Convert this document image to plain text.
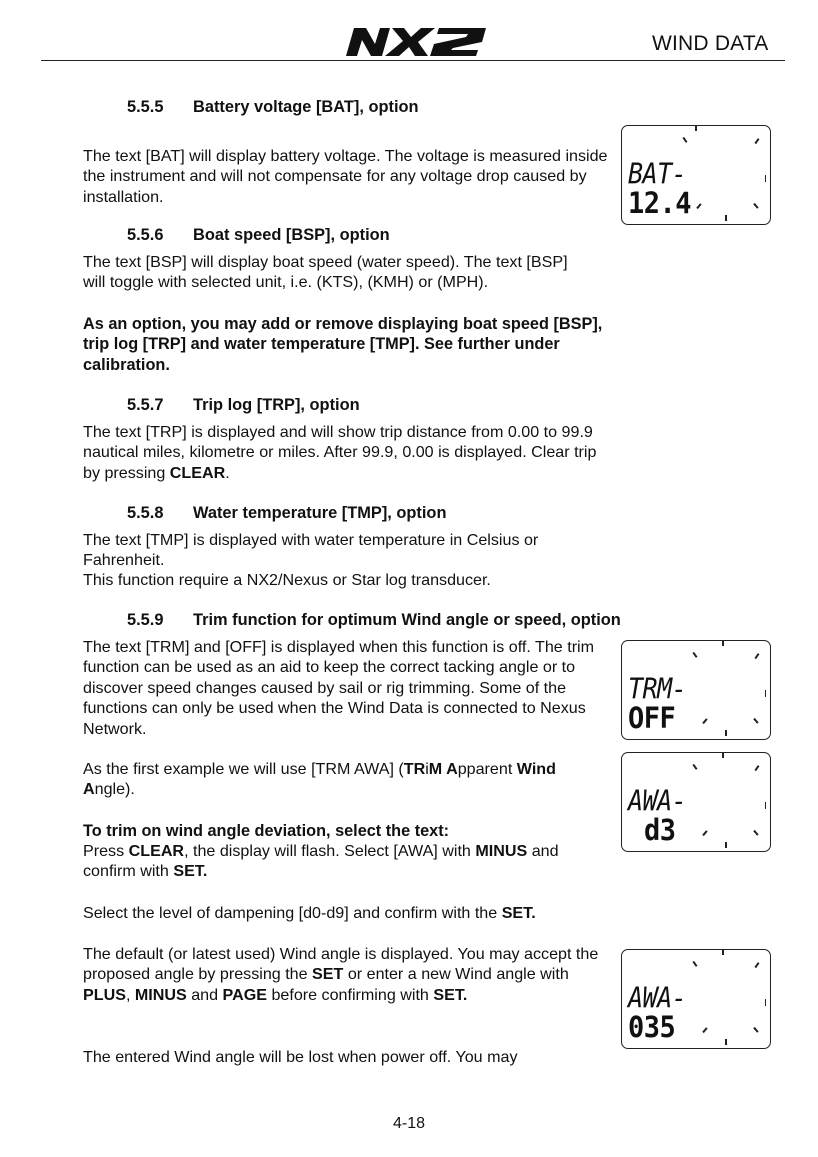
WIND DATA
5.5.5 Battery voltage [BAT], option
The text [BAT] will display battery voltage. The voltage is measured inside the instrument and will not compensate for any voltage drop caused by installation.
5.5.6 Boat speed [BSP], option
The text [BSP] will display boat speed (water speed). The text [BSP] will toggle with selected unit, i.e. (KTS), (KMH) or (MPH).
As an option, you may add or remove displaying boat speed [BSP], trip log [TRP] and water temperature [TMP]. See further under calibration.
5.5.7 Trip log [TRP], option
The text [TRP] is displayed and will show trip distance from 0.00 to 99.9 nautical miles, kilometre or miles. After 99.9, 0.00 is displayed. Clear trip by pressing CLEAR.
5.5.8 Water temperature [TMP], option
The text [TMP] is displayed with water temperature in Celsius or Fahrenheit.
This function require a NX2/Nexus or Star log transducer.
5.5.9 Trim function for optimum Wind angle or speed, option
The text [TRM] and [OFF] is displayed when this function is off. The trim function can be used as an aid to keep the correct tacking angle or to discover speed changes caused by sail or rig trimming. Some of the functions can only be used when the Wind Data is connected to Nexus Network.
As the first example we will use [TRM AWA] (TRiM Apparent Wind Angle).
To trim on wind angle deviation, select the text:
Press CLEAR, the display will flash. Select [AWA] with MINUS and confirm with SET.
Select the level of dampening [d0-d9] and confirm with the SET.
The default (or latest used) Wind angle is displayed. You may accept the proposed angle by pressing the SET or enter a new Wind angle with PLUS, MINUS and PAGE before confirming with SET.
The entered Wind angle will be lost when power off. You may
BAT-
12.4
TRM-
OFF
AWA-
d3
AWA-
035
4-18
